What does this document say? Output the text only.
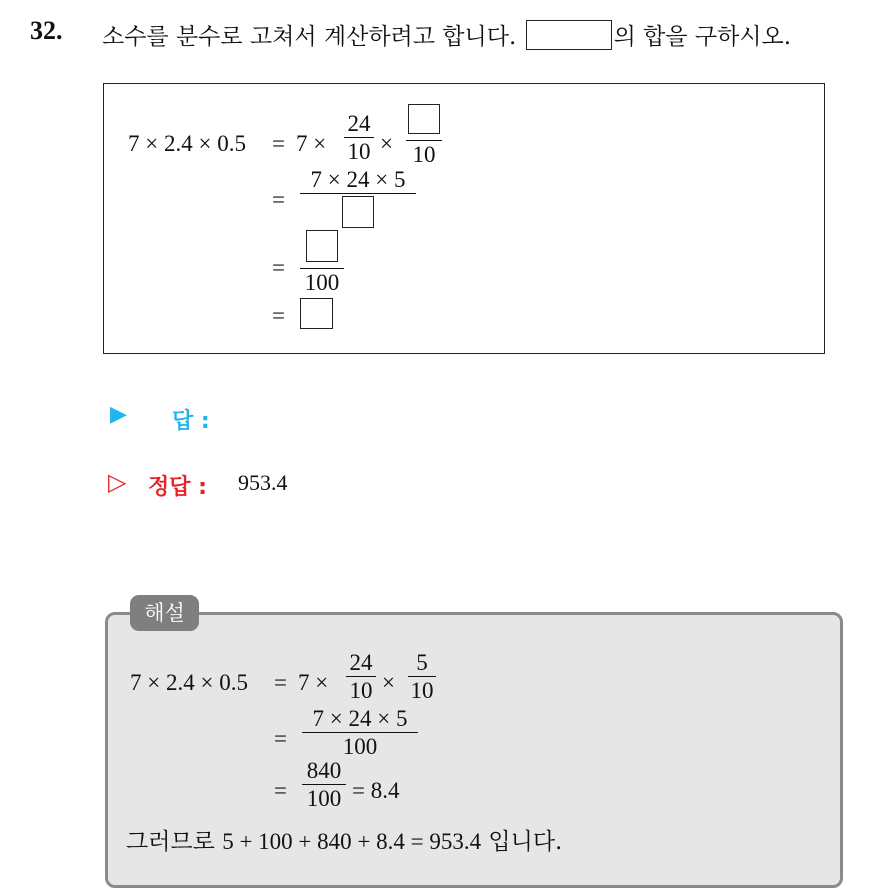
32. 소수를 분수로 고쳐서 계산하려고 합니다.	의 합을 구하시오.
7 × 2.4 × 0.5 = 7 ×
24
10 × 10
=
7 × 24 × 5
=
100
=
▶ 답 :
▷ 정답 : 953.4
7 × 2.4 × 0.5 = 7 ×
24
10 ×
5
10
=
7 × 24 × 5
100
=
840
100 = 8.4
그러므로 5 + 100 + 840 + 8.4 = 953.4 입니다.
해설
